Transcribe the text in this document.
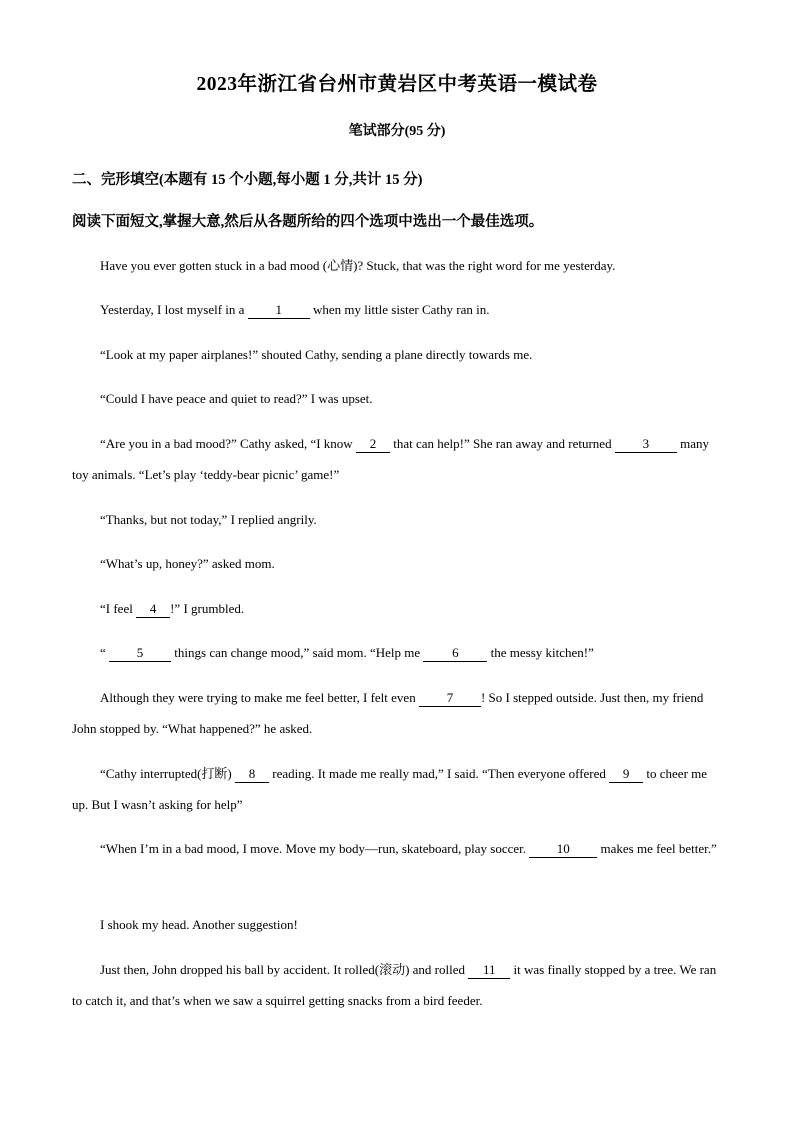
2023年浙江省台州市黄岩区中考英语一模试卷
笔试部分(95 分)
二、完形填空(本题有 15 个小题,每小题 1 分,共计 15 分)
阅读下面短文,掌握大意,然后从各题所给的四个选项中选出一个最佳选项。
Have you ever gotten stuck in a bad mood (心情)? Stuck, that was the right word for me yesterday.
Yesterday, I lost myself in a 1 when my little sister Cathy ran in.
“Look at my paper airplanes!” shouted Cathy, sending a plane directly towards me.
“Could I have peace and quiet to read?” I was upset.
“Are you in a bad mood?” Cathy asked, “I know 2 that can help!” She ran away and returned 3 many toy animals. “Let’s play ‘teddy-bear picnic’ game!”
“Thanks, but not today,” I replied angrily.
“What’s up, honey?” asked mom.
“I feel 4 !” I grumbled.
“ 5 things can change mood,” said mom. “Help me 6 the messy kitchen!”
Although they were trying to make me feel better, I felt even 7 ! So I stepped outside. Just then, my friend John stopped by. “What happened?” he asked.
“Cathy interrupted(打断) 8 reading. It made me really mad,” I said. “Then everyone offered 9 to cheer me up. But I wasn’t asking for help”
“When I’m in a bad mood, I move. Move my body—run, skateboard, play soccer. 10 makes me feel better.”
I shook my head. Another suggestion!
Just then, John dropped his ball by accident. It rolled(滚动) and rolled 11 it was finally stopped by a tree. We ran to catch it, and that’s when we saw a squirrel getting snacks from a bird feeder.
